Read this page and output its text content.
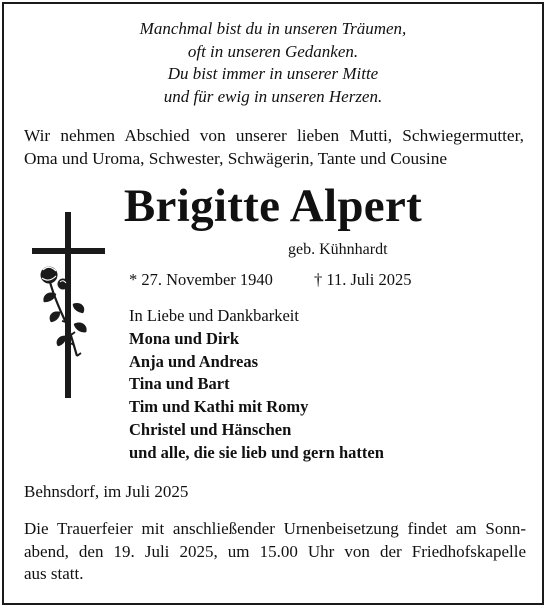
Manchmal bist du in unseren Träumen,
oft in unseren Gedanken.
Du bist immer in unserer Mitte
und für ewig in unseren Herzen.
Wir nehmen Abschied von unserer lieben Mutti, Schwiegermutter,
Oma und Uroma, Schwester, Schwägerin, Tante und Cousine
Brigitte Alpert
geb. Kühnhardt
* 27. November 1940 † 11. Juli 2025
In Liebe und Dankbarkeit
Mona und Dirk
Anja und Andreas
Tina und Bart
Tim und Kathi mit Romy
Christel und Hänschen
und alle, die sie lieb und gern hatten
Behnsdorf, im Juli 2025
Die Trauerfeier mit anschließender Urnenbeisetzung findet am Sonn-
abend, den 19. Juli 2025, um 15.00 Uhr von der Friedhofskapelle
aus statt.
